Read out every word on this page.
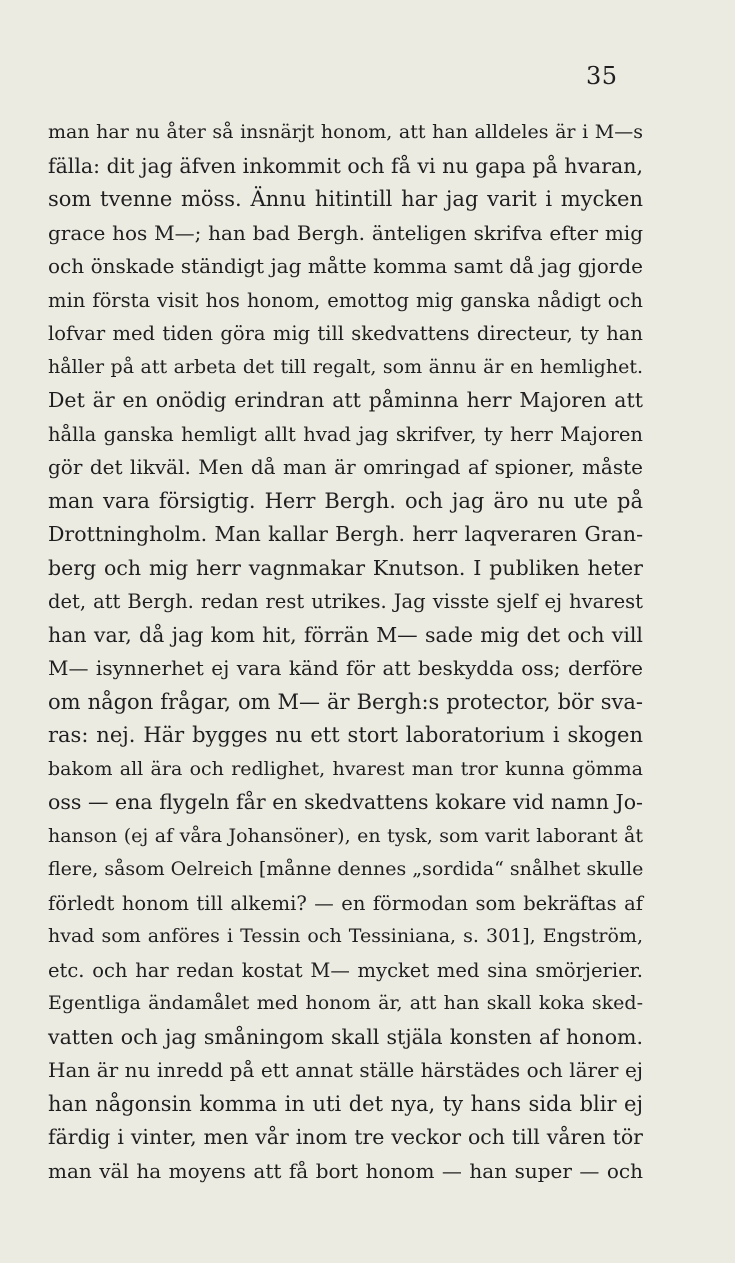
35
man har nu åter så insnärjt honom, att han alldeles är i M—s
fälla: dit jag äfven inkommit och få vi nu gapa på hvaran,
som tvenne möss. Ännu hitintill har jag varit i mycken
grace hos M—; han bad Bergh. änteligen skrifva efter mig
och önskade ständigt jag måtte komma samt då jag gjorde
min första visit hos honom, emottog mig ganska nådigt och
lofvar med tiden göra mig till skedvattens directeur, ty han
håller på att arbeta det till regalt, som ännu är en hemlighet.
Det är en onödig erindran att påminna herr Majoren att
hålla ganska hemligt allt hvad jag skrifver, ty herr Majoren
gör det likväl. Men då man är omringad af spioner, måste
man vara försigtig. Herr Bergh. och jag äro nu ute på
Drottningholm. Man kallar Bergh. herr laqveraren Gran-
berg och mig herr vagnmakar Knutson. I publiken heter
det, att Bergh. redan rest utrikes. Jag visste sjelf ej hvarest
han var, då jag kom hit, förrän M— sade mig det och vill
M— isynnerhet ej vara känd för att beskydda oss; derföre
om någon frågar, om M— är Bergh:s protector, bör sva-
ras: nej. Här bygges nu ett stort laboratorium i skogen
bakom all ära och redlighet, hvarest man tror kunna gömma
oss — ena flygeln får en skedvattens kokare vid namn Jo-
hanson (ej af våra Johansöner), en tysk, som varit laborant åt
flere, såsom Oelreich [månne dennes „sordida“ snålhet skulle
förledt honom till alkemi? — en förmodan som bekräftas af
hvad som anföres i Tessin och Tessiniana, s. 301], Engström,
etc. och har redan kostat M— mycket med sina smörjerier.
Egentliga ändamålet med honom är, att han skall koka sked-
vatten och jag småningom skall stjäla konsten af honom.
Han är nu inredd på ett annat ställe härstädes och lärer ej
han någonsin komma in uti det nya, ty hans sida blir ej
färdig i vinter, men vår inom tre veckor och till våren tör
man väl ha moyens att få bort honom — han super — och
